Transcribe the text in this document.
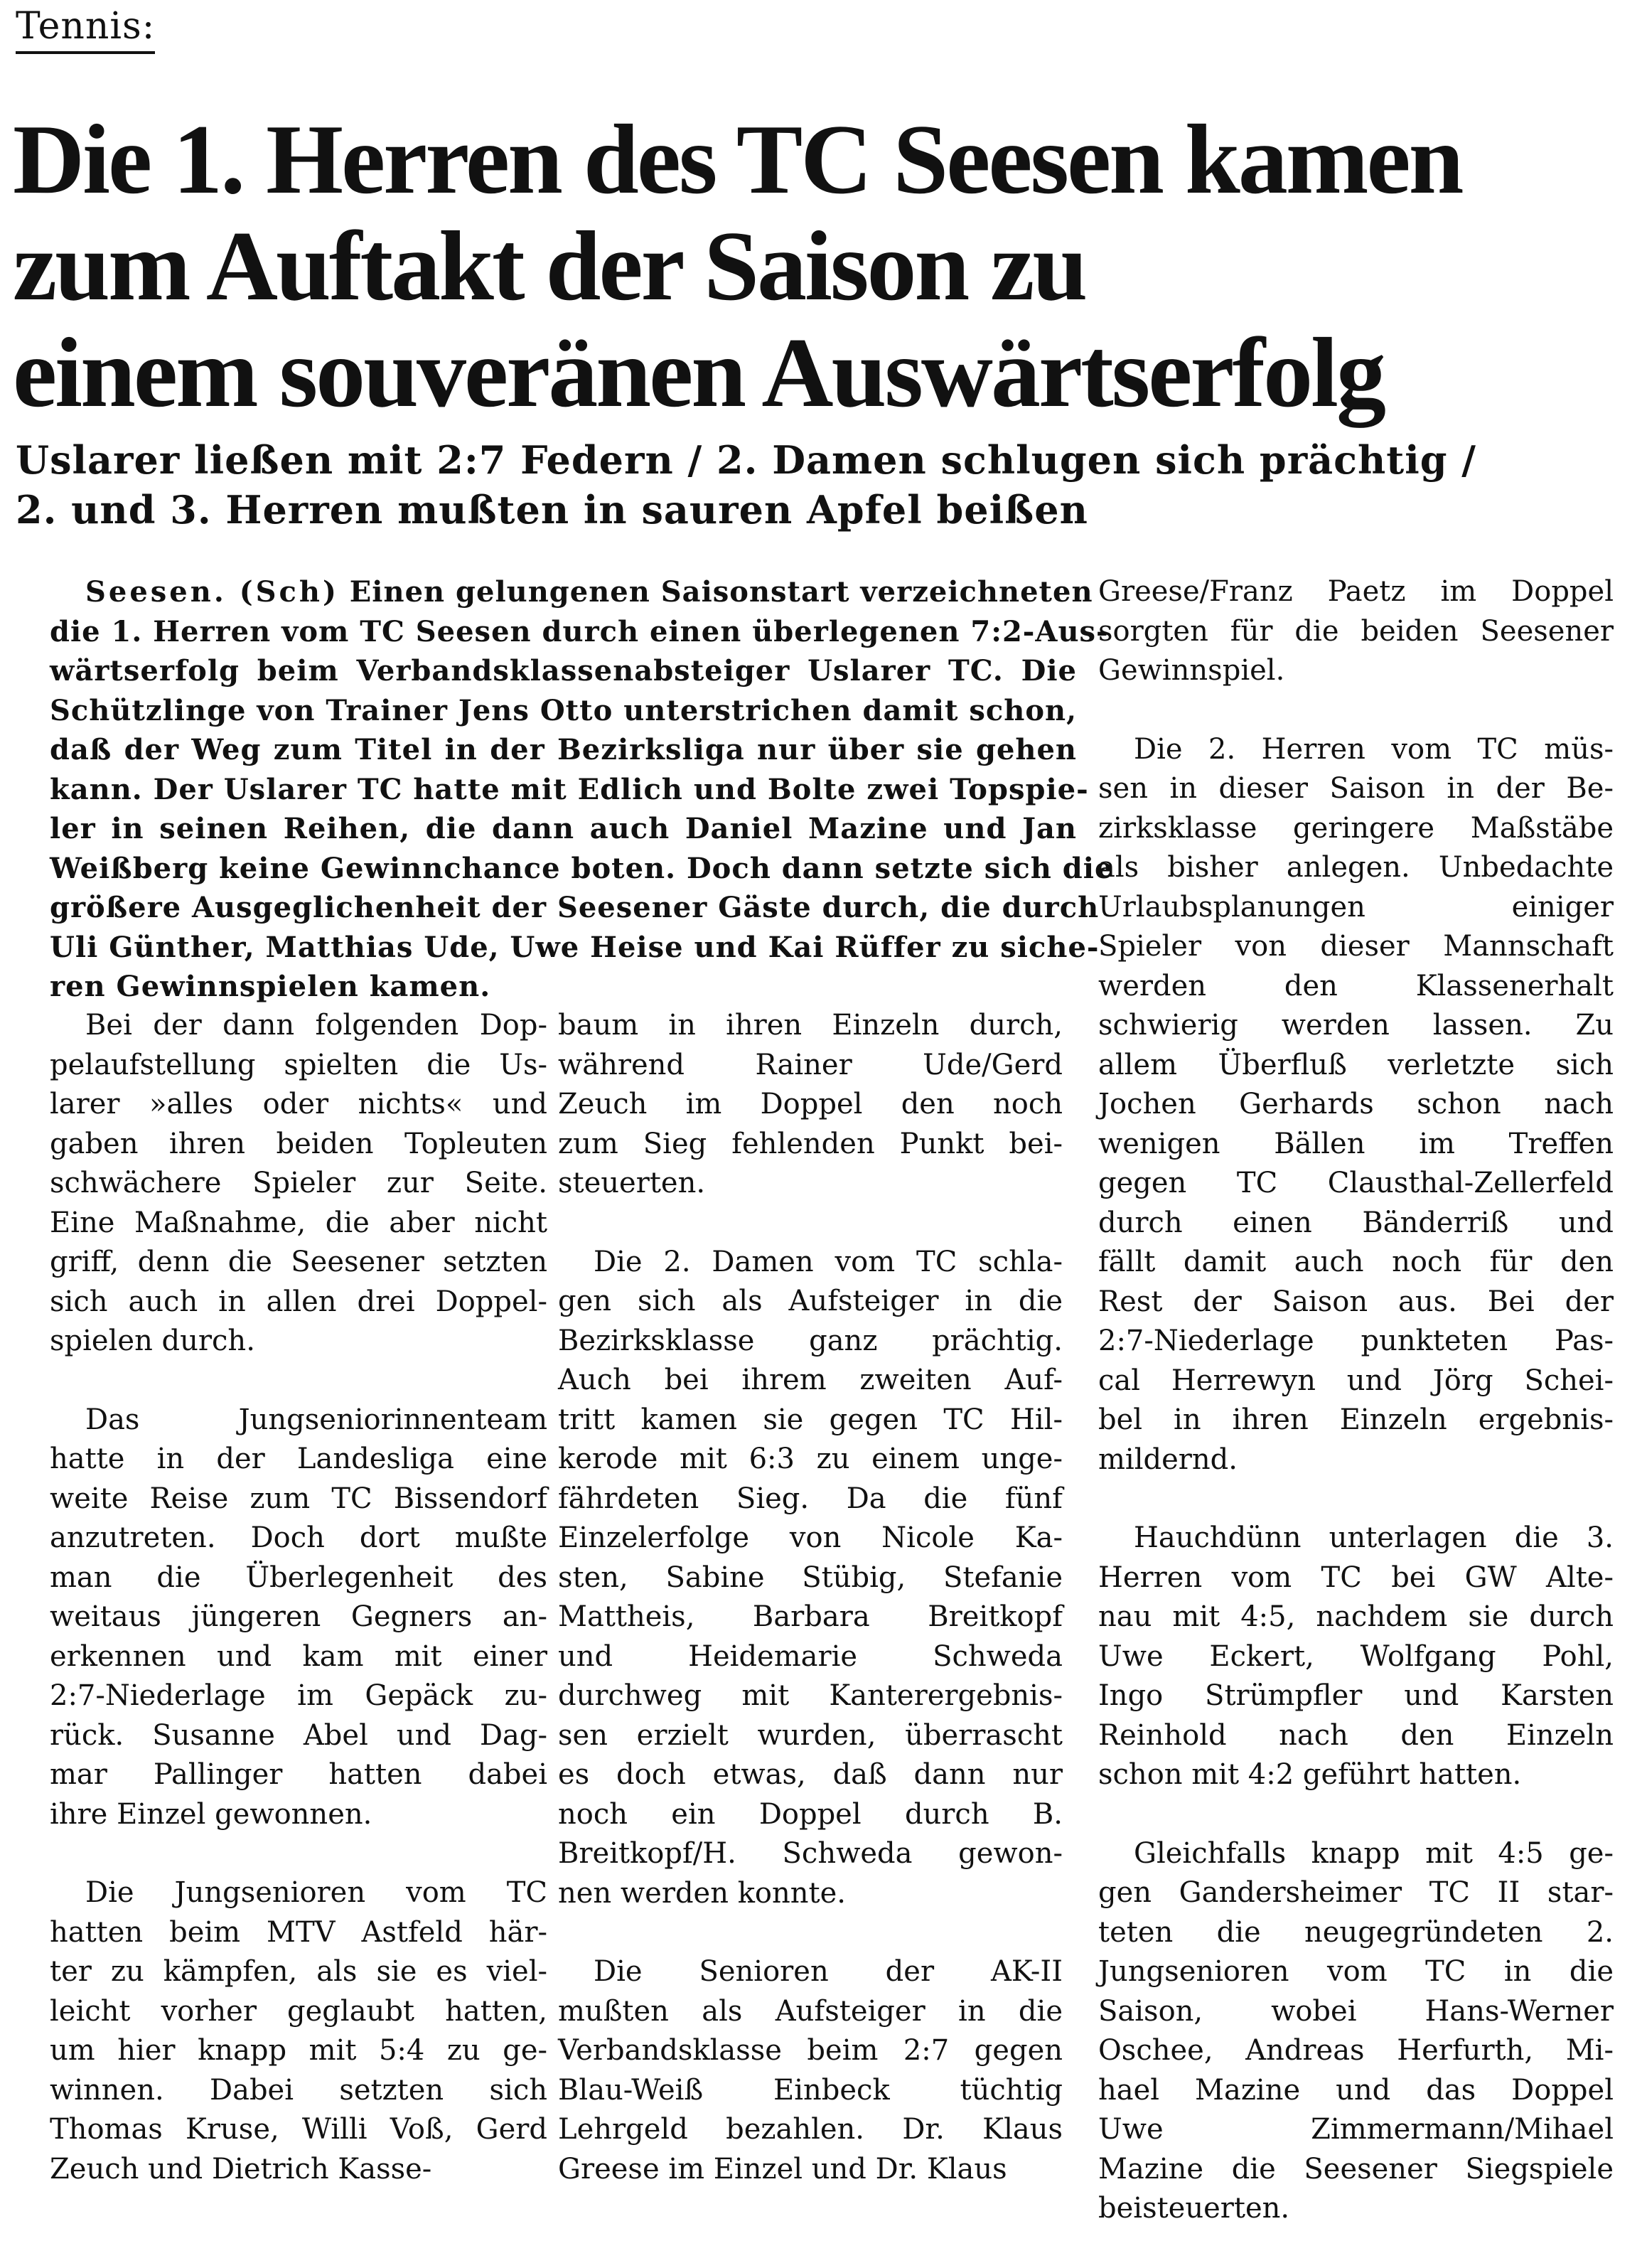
Tennis:
Die 1. Herren des TC Seesen kamen
zum Auftakt der Saison zu
einem souveränen Auswärtserfolg
Uslarer ließen mit 2:7 Federn / 2. Damen schlugen sich prächtig /
2. und 3. Herren mußten in sauren Apfel beißen
Seesen. (Sch) Einen gelungenen Saisonstart verzeichneten
die 1. Herren vom TC Seesen durch einen überlegenen 7:2-Aus-
wärtserfolg beim Verbandsklassenabsteiger Uslarer TC. Die
Schützlinge von Trainer Jens Otto unterstrichen damit schon,
daß der Weg zum Titel in der Bezirksliga nur über sie gehen
kann. Der Uslarer TC hatte mit Edlich und Bolte zwei Topspie-
ler in seinen Reihen, die dann auch Daniel Mazine und Jan
Weißberg keine Gewinnchance boten. Doch dann setzte sich die
größere Ausgeglichenheit der Seesener Gäste durch, die durch
Uli Günther, Matthias Ude, Uwe Heise und Kai Rüffer zu siche-
ren Gewinnspielen kamen.
Bei der dann folgenden Dop-
pelaufstellung spielten die Us-
larer »alles oder nichts« und
gaben ihren beiden Topleuten
schwächere Spieler zur Seite.
Eine Maßnahme, die aber nicht
griff, denn die Seesener setzten
sich auch in allen drei Doppel-
spielen durch.
Das Jungseniorinnenteam
hatte in der Landesliga eine
weite Reise zum TC Bissendorf
anzutreten. Doch dort mußte
man die Überlegenheit des
weitaus jüngeren Gegners an-
erkennen und kam mit einer
2:7-Niederlage im Gepäck zu-
rück. Susanne Abel und Dag-
mar Pallinger hatten dabei
ihre Einzel gewonnen.
Die Jungsenioren vom TC
hatten beim MTV Astfeld här-
ter zu kämpfen, als sie es viel-
leicht vorher geglaubt hatten,
um hier knapp mit 5:4 zu ge-
winnen. Dabei setzten sich
Thomas Kruse, Willi Voß, Gerd
Zeuch und Dietrich Kasse-
baum in ihren Einzeln durch,
während Rainer Ude/Gerd
Zeuch im Doppel den noch
zum Sieg fehlenden Punkt bei-
steuerten.
Die 2. Damen vom TC schla-
gen sich als Aufsteiger in die
Bezirksklasse ganz prächtig.
Auch bei ihrem zweiten Auf-
tritt kamen sie gegen TC Hil-
kerode mit 6:3 zu einem unge-
fährdeten Sieg. Da die fünf
Einzelerfolge von Nicole Ka-
sten, Sabine Stübig, Stefanie
Mattheis, Barbara Breitkopf
und Heidemarie Schweda
durchweg mit Kanterergebnis-
sen erzielt wurden, überrascht
es doch etwas, daß dann nur
noch ein Doppel durch B.
Breitkopf/H. Schweda gewon-
nen werden konnte.
Die Senioren der AK-II
mußten als Aufsteiger in die
Verbandsklasse beim 2:7 gegen
Blau-Weiß Einbeck tüchtig
Lehrgeld bezahlen. Dr. Klaus
Greese im Einzel und Dr. Klaus
Greese/Franz Paetz im Doppel
sorgten für die beiden Seesener
Gewinnspiel.
Die 2. Herren vom TC müs-
sen in dieser Saison in der Be-
zirksklasse geringere Maßstäbe
als bisher anlegen. Unbedachte
Urlaubsplanungen einiger
Spieler von dieser Mannschaft
werden den Klassenerhalt
schwierig werden lassen. Zu
allem Überfluß verletzte sich
Jochen Gerhards schon nach
wenigen Bällen im Treffen
gegen TC Clausthal-Zellerfeld
durch einen Bänderriß und
fällt damit auch noch für den
Rest der Saison aus. Bei der
2:7-Niederlage punkteten Pas-
cal Herrewyn und Jörg Schei-
bel in ihren Einzeln ergebnis-
mildernd.
Hauchdünn unterlagen die 3.
Herren vom TC bei GW Alte-
nau mit 4:5, nachdem sie durch
Uwe Eckert, Wolfgang Pohl,
Ingo Strümpfler und Karsten
Reinhold nach den Einzeln
schon mit 4:2 geführt hatten.
Gleichfalls knapp mit 4:5 ge-
gen Gandersheimer TC II star-
teten die neugegründeten 2.
Jungsenioren vom TC in die
Saison, wobei Hans-Werner
Oschee, Andreas Herfurth, Mi-
hael Mazine und das Doppel
Uwe Zimmermann/Mihael
Mazine die Seesener Siegspiele
beisteuerten.
